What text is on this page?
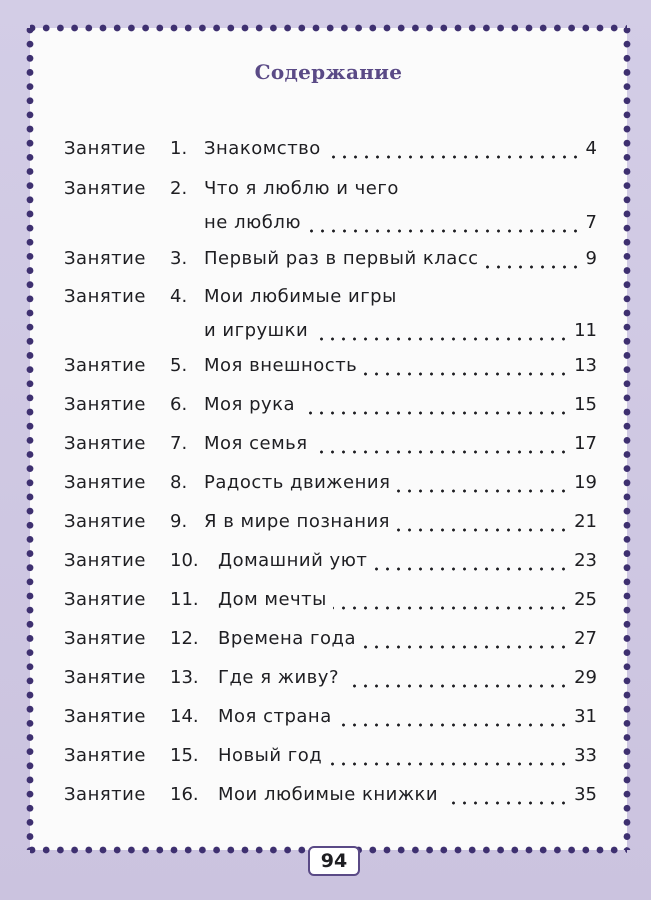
Содержание
Занятие 1. Знакомство	4
Занятие 2. Что я люблю и чего
не люблю	7
Занятие 3. Первый раз в первый класс	9
Занятие 4. Мои любимые игры
и игрушки	11
Занятие 5. Моя внешность	13
Занятие 6. Моя рука	15
Занятие 7. Моя семья	17
Занятие 8. Радость движения	19
Занятие 9. Я в мире познания	21
Занятие 10. Домашний уют	23
Занятие 11. Дом мечты	25
Занятие 12. Времена года	27
Занятие 13. Где я живу?	29
Занятие 14. Моя страна	31
Занятие 15. Новый год	33
Занятие 16. Мои любимые книжки	35
94
